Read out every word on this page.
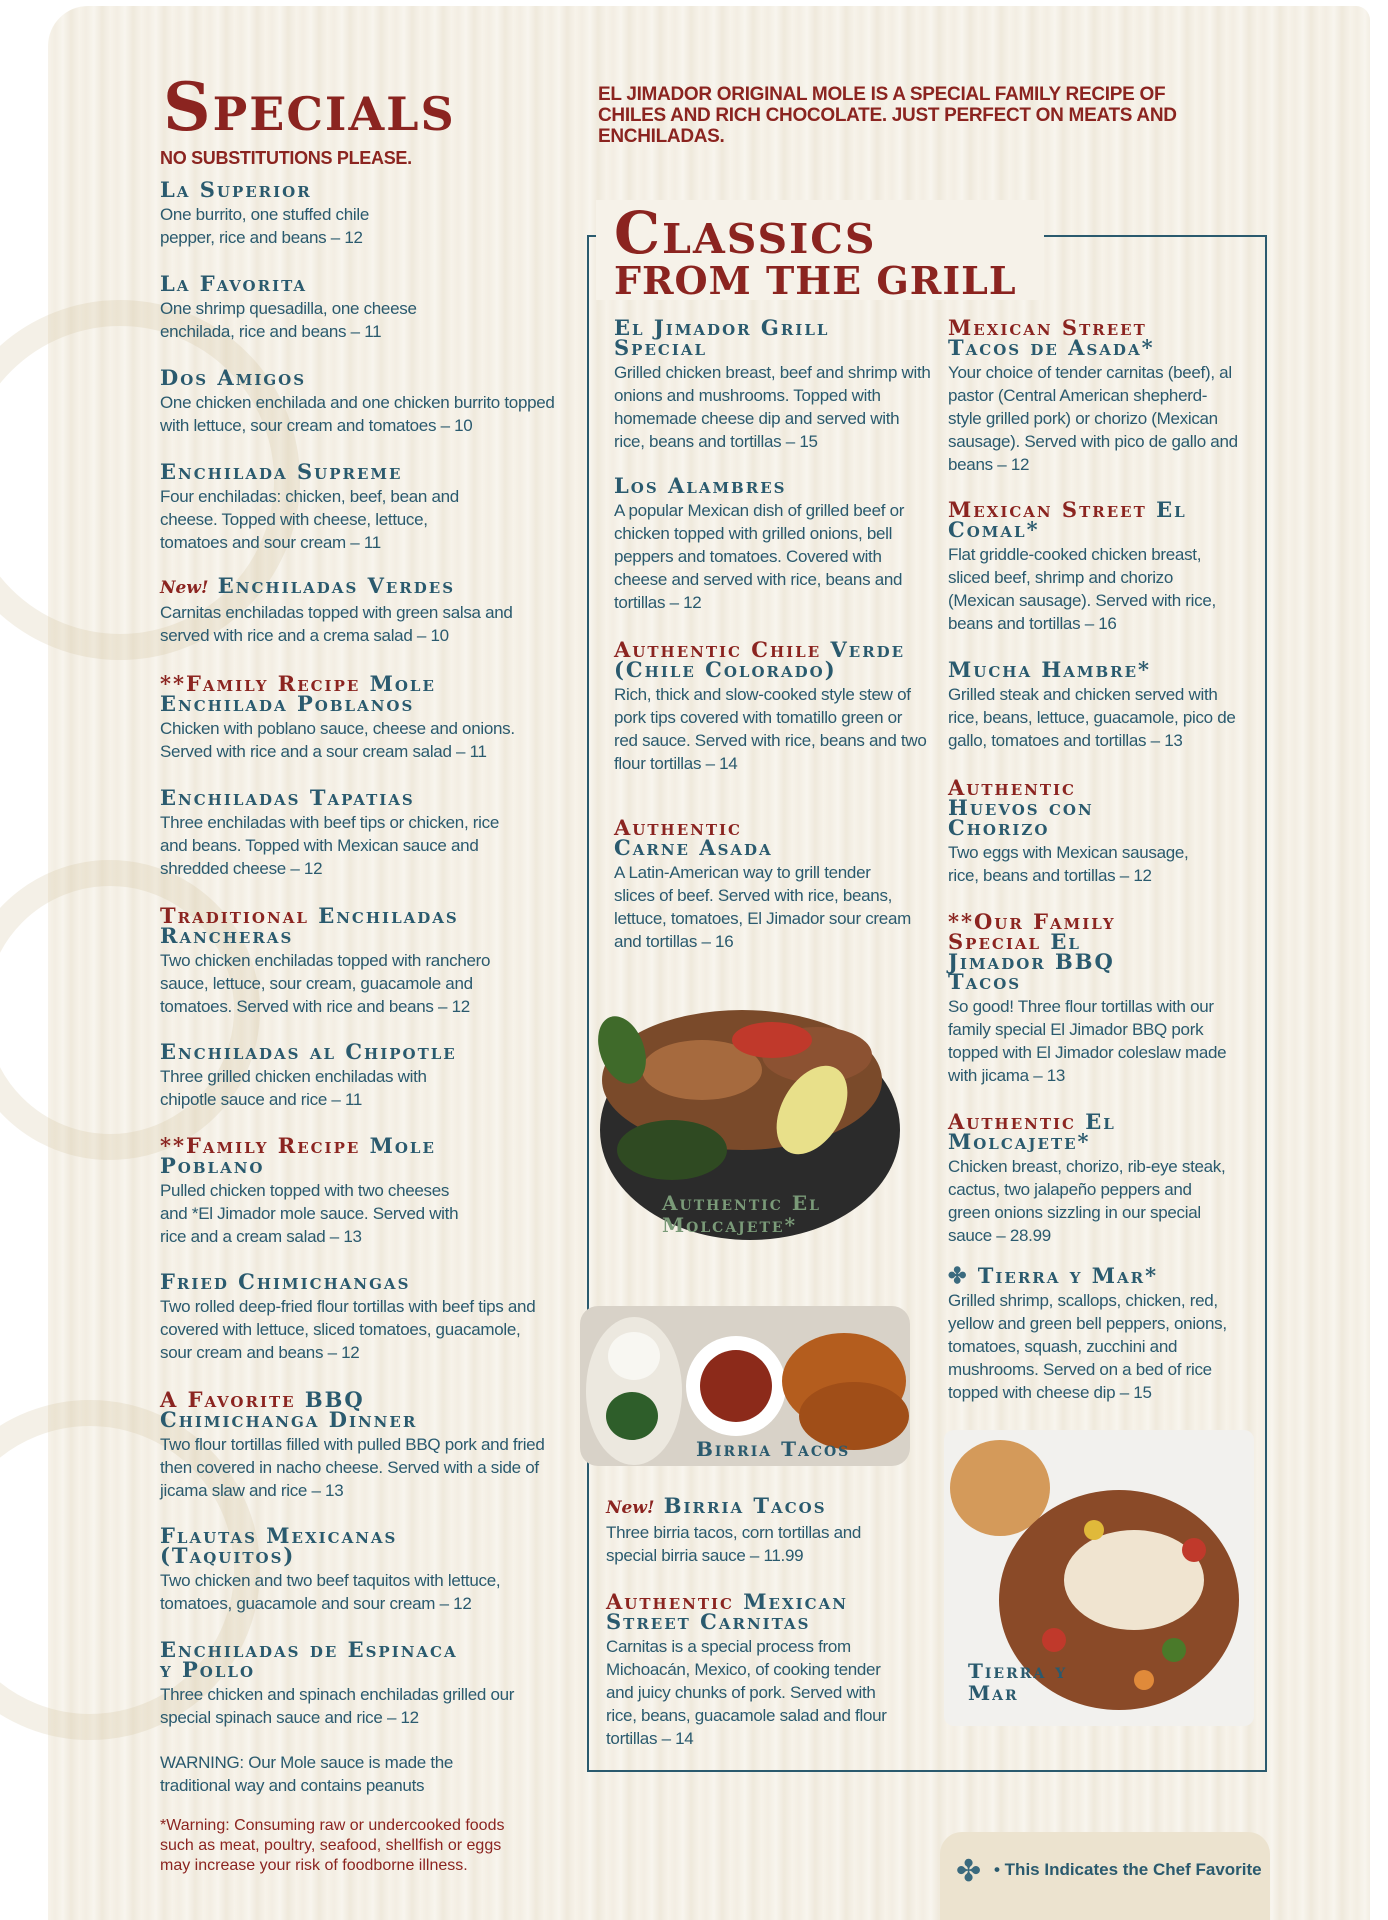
Specials
NO SUBSTITUTIONS PLEASE.
EL JIMADOR ORIGINAL MOLE IS A SPECIAL FAMILY RECIPE OF CHILES AND RICH CHOCOLATE. JUST PERFECT ON MEATS AND ENCHILADAS.
La Superior
One burrito, one stuffed chile pepper, rice and beans – 12
La Favorita
One shrimp quesadilla, one cheese enchilada, rice and beans – 11
Dos Amigos
One chicken enchilada and one chicken burrito topped with lettuce, sour cream and tomatoes – 10
Enchilada Supreme
Four enchiladas: chicken, beef, bean and cheese. Topped with cheese, lettuce, tomatoes and sour cream – 11
New! Enchiladas Verdes
Carnitas enchiladas topped with green salsa and served with rice and a crema salad – 10
**Family Recipe Mole Enchilada Poblanos
Chicken with poblano sauce, cheese and onions. Served with rice and a sour cream salad – 11
Enchiladas Tapatias
Three enchiladas with beef tips or chicken, rice and beans. Topped with Mexican sauce and shredded cheese – 12
Traditional Enchiladas Rancheras
Two chicken enchiladas topped with ranchero sauce, lettuce, sour cream, guacamole and tomatoes. Served with rice and beans – 12
Enchiladas al Chipotle
Three grilled chicken enchiladas with chipotle sauce and rice – 11
**Family Recipe Mole Poblano
Pulled chicken topped with two cheeses and *El Jimador mole sauce. Served with rice and a cream salad – 13
Fried Chimichangas
Two rolled deep-fried flour tortillas with beef tips and covered with lettuce, sliced tomatoes, guacamole, sour cream and beans – 12
A Favorite BBQ Chimichanga Dinner
Two flour tortillas filled with pulled BBQ pork and fried then covered in nacho cheese. Served with a side of jicama slaw and rice – 13
Flautas Mexicanas (Taquitos)
Two chicken and two beef taquitos with lettuce, tomatoes, guacamole and sour cream – 12
Enchiladas de Espinaca y Pollo
Three chicken and spinach enchiladas grilled our special spinach sauce and rice – 12
WARNING: Our Mole sauce is made the traditional way and contains peanuts
*Warning: Consuming raw or undercooked foods such as meat, poultry, seafood, shellfish or eggs may increase your risk of foodborne illness.
Classics
FROM THE GRILL
El Jimador Grill Special
Grilled chicken breast, beef and shrimp with onions and mushrooms. Topped with homemade cheese dip and served with rice, beans and tortillas – 15
Los Alambres
A popular Mexican dish of grilled beef or chicken topped with grilled onions, bell peppers and tomatoes. Covered with cheese and served with rice, beans and tortillas – 12
Authentic Chile Verde (Chile Colorado)
Rich, thick and slow-cooked style stew of pork tips covered with tomatillo green or red sauce. Served with rice, beans and two flour tortillas – 14
Authentic Carne Asada
A Latin-American way to grill tender slices of beef. Served with rice, beans, lettuce, tomatoes, El Jimador sour cream and tortillas – 16
Authentic El Molcajete*
Birria Tacos
New! Birria Tacos
Three birria tacos, corn tortillas and special birria sauce – 11.99
Authentic Mexican Street Carnitas
Carnitas is a special process from Michoacán, Mexico, of cooking tender and juicy chunks of pork. Served with rice, beans, guacamole salad and flour tortillas – 14
Mexican Street Tacos de Asada*
Your choice of tender carnitas (beef), al pastor (Central American shepherd-style grilled pork) or chorizo (Mexican sausage). Served with pico de gallo and beans – 12
Mexican Street El Comal*
Flat griddle-cooked chicken breast, sliced beef, shrimp and chorizo (Mexican sausage). Served with rice, beans and tortillas – 16
Mucha Hambre*
Grilled steak and chicken served with rice, beans, lettuce, guacamole, pico de gallo, tomatoes and tortillas – 13
Authentic Huevos con Chorizo
Two eggs with Mexican sausage, rice, beans and tortillas – 12
**Our Family Special El Jimador BBQ Tacos
So good! Three flour tortillas with our family special El Jimador BBQ pork topped with El Jimador coleslaw made with jicama – 13
Authentic El Molcajete*
Chicken breast, chorizo, rib-eye steak, cactus, two jalapeño peppers and green onions sizzling in our special sauce – 28.99
✤ Tierra y Mar*
Grilled shrimp, scallops, chicken, red, yellow and green bell peppers, onions, tomatoes, squash, zucchini and mushrooms. Served on a bed of rice topped with cheese dip – 15
Tierra y Mar
✤ • This Indicates the Chef Favorite
